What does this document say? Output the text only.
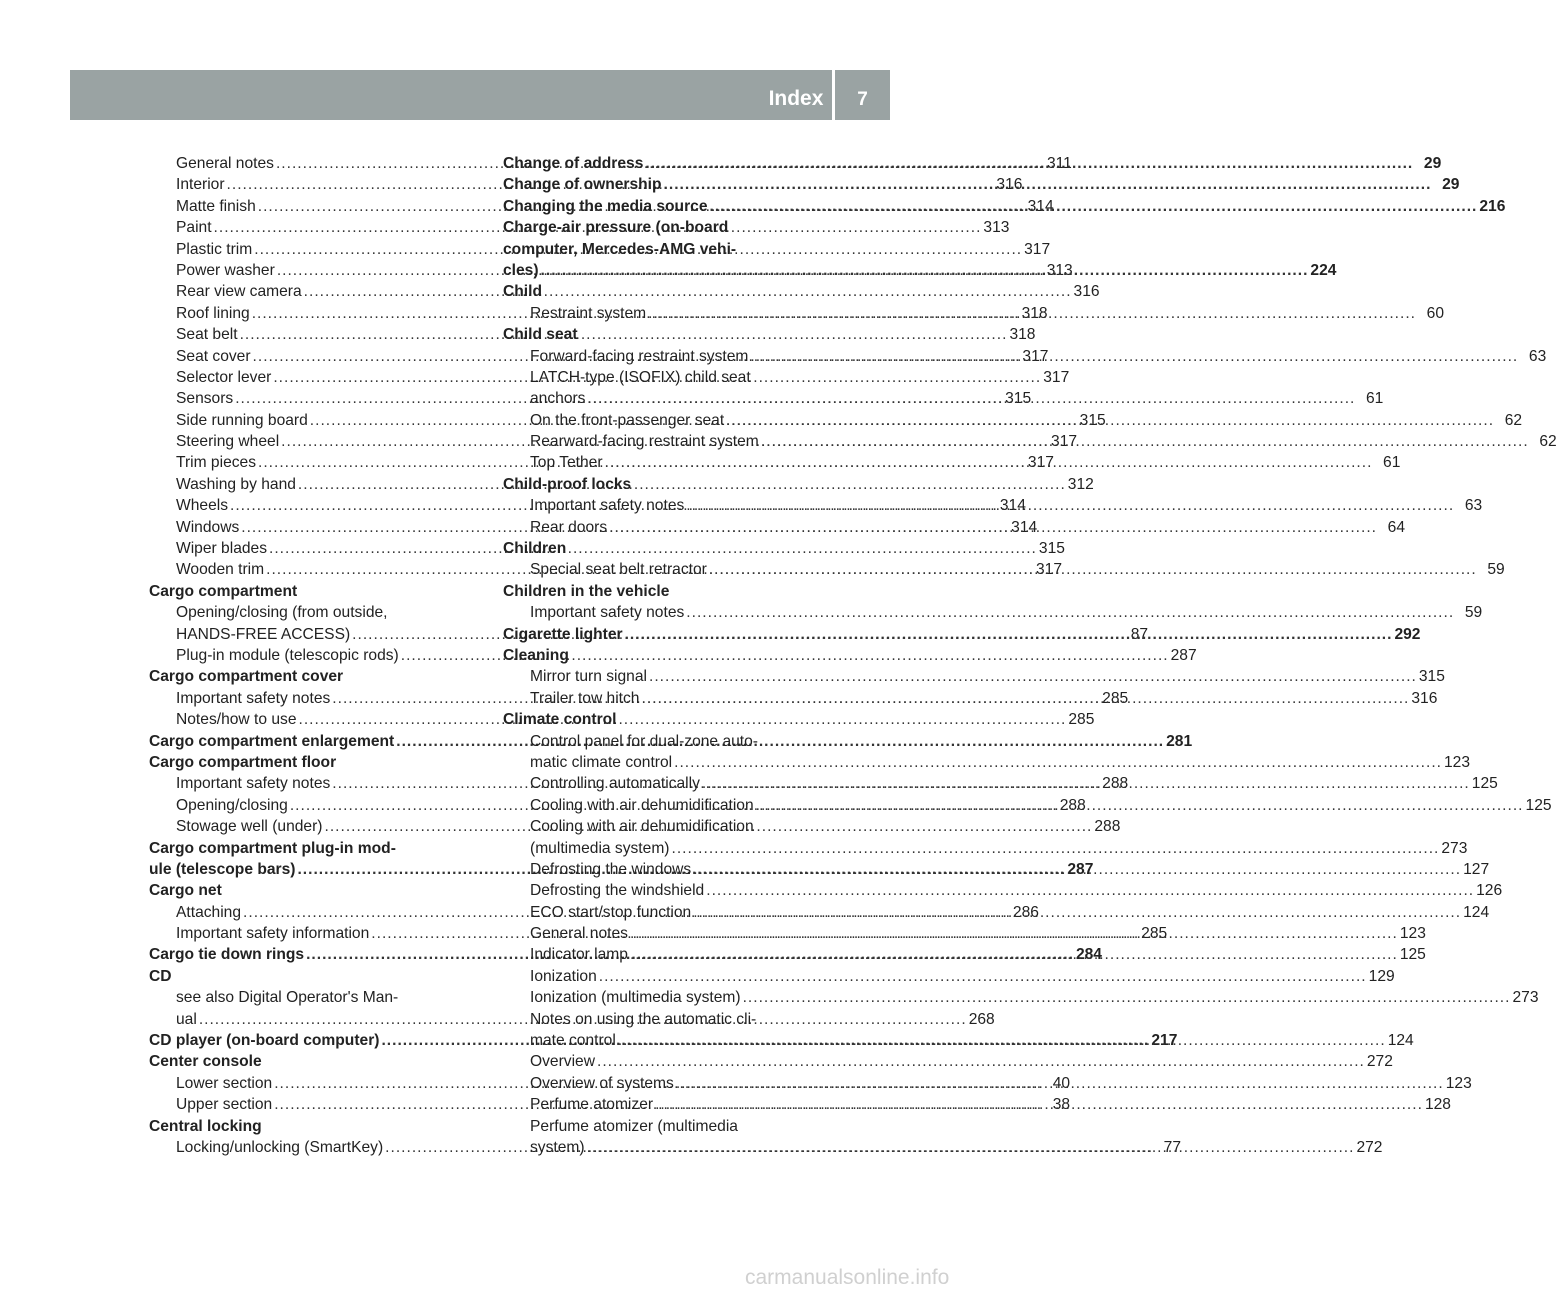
Index	7
General notes .....	311
Interior .....	316
Matte finish .....	314
Paint .....	313
Plastic trim .....	317
Power washer .....	313
Rear view camera .....	316
Roof lining .....	318
Seat belt .....	318
Seat cover .....	317
Selector lever .....	317
Sensors .....	315
Side running board .....	315
Steering wheel .....	317
Trim pieces .....	317
Washing by hand .....	312
Wheels .....	314
Windows .....	314
Wiper blades .....	315
Wooden trim .....	317
Cargo compartment
Opening/closing (from outside,
HANDS-FREE ACCESS) .....	87
Plug-in module (telescopic rods) .....	287
Cargo compartment cover
Important safety notes .....	285
Notes/how to use .....	285
Cargo compartment enlargement .....	281
Cargo compartment floor
Important safety notes .....	288
Opening/closing .....	288
Stowage well (under) .....	288
Cargo compartment plug-in mod-
ule (telescope bars) .....	287
Cargo net
Attaching .....	286
Important safety information .....	285
Cargo tie down rings .....	284
CD
see also Digital Operator's Man-
ual .....	268
CD player (on-board computer) .....	217
Center console
Lower section .....	40
Upper section .....	38
Central locking
Locking/unlocking (SmartKey) .....	77
Change of address .....	29
Change of ownership .....	29
Changing the media source .....	216
Charge-air pressure (on-board
computer, Mercedes-AMG vehi-
cles) .....	224
Child
Restraint system .....	60
Child seat
Forward-facing restraint system .....	63
LATCH-type (ISOFIX) child seat
anchors .....	61
On the front-passenger seat .....	62
Rearward-facing restraint system .....	62
Top Tether .....	61
Child-proof locks
Important safety notes .....	63
Rear doors .....	64
Children
Special seat belt retractor .....	59
Children in the vehicle
Important safety notes .....	59
Cigarette lighter .....	292
Cleaning
Mirror turn signal .....	315
Trailer tow hitch .....	316
Climate control
Control panel for dual-zone auto-
matic climate control .....	123
Controlling automatically .....	125
Cooling with air dehumidification .....	125
Cooling with air dehumidification
(multimedia system) .....	273
Defrosting the windows .....	127
Defrosting the windshield .....	126
ECO start/stop function .....	124
General notes .....	123
Indicator lamp .....	125
Ionization .....	129
Ionization (multimedia system) .....	273
Notes on using the automatic cli-
mate control .....	124
Overview .....	272
Overview of systems .....	123
Perfume atomizer .....	128
Perfume atomizer (multimedia
system) .....	272
carmanualsonline.info
